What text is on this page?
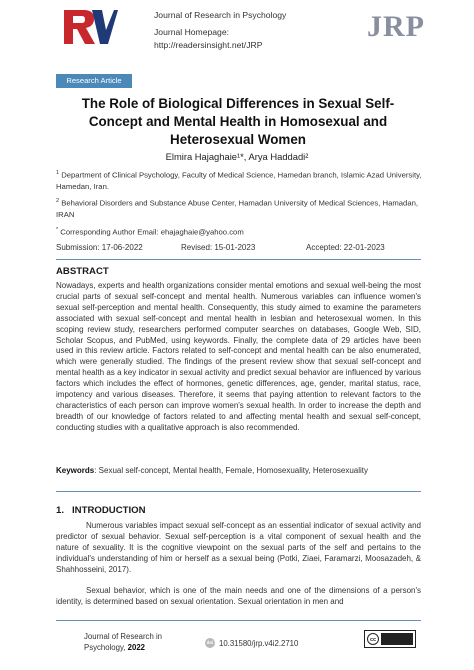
Journal of Research in Psychology
Journal Homepage:
http://readersinsight.net/JRP
JRP
Research Article
The Role of Biological Differences in Sexual Self-Concept and Mental Health in Homosexual and Heterosexual Women
Elmira Hajaghaie¹*, Arya Haddadi²
$^1$ Department of Clinical Psychology, Faculty of Medical Science, Hamedan branch, Islamic Azad University, Hamedan, Iran.
$^2$ Behavioral Disorders and Substance Abuse Center, Hamadan University of Medical Sciences, Hamadan, IRAN
* Corresponding Author Email: ehajaghaie@yahoo.com
Submission: 17-06-2022	Revised: 15-01-2023	Accepted: 22-01-2023
ABSTRACT
Nowadays, experts and health organizations consider mental emotions and sexual well-being the most crucial parts of sexual self-concept and mental health. Numerous variables can influence women's sexual self-perception and mental health. Consequently, this study aimed to examine the parameters associated with sexual self-concept and mental health in lesbian and heterosexual women. In this scoping review study, researchers performed computer searches on databases, Google Web, SID, Scholar Scopus, and PubMed, using keywords. Finally, the complete data of 29 articles have been used in this review article. Factors related to self-concept and mental health can be also enumerated, which were generally studied. The findings of the present review show that sexual self-concept and mental health as a key indicator in sexual activity and predict sexual behavior are influenced by various factors which includes the effect of hormones, genetic differences, age, gender, marital status, race, impotency and various diseases. Therefore, it seems that paying attention to relevant factors to the characteristics of each person can improve women's sexual health. In order to increase the depth and breadth of our knowledge of factors related to and affecting mental health and sexual self-concept, conducting studies with a qualitative approach is also recommended.
Keywords: Sexual self-concept, Mental health, Female, Homosexuality, Heterosexuality
1. INTRODUCTION
Numerous variables impact sexual self-concept as an essential indicator of sexual activity and predictor of sexual behavior. Sexual self-perception is a vital component of sexual health and the nature of sexuality. It is the cognitive viewpoint on the sexual parts of the self and pertains to the individual's understanding of him or herself as a sexual being (Potki, Ziaei, Faramarzi, Moosazadeh, & Shahhosseini, 2017).
Sexual behavior, which is one of the main needs and one of the dimensions of a person's identity, is determined based on sexual orientation. Sexual orientation in men and
Journal of Research in
Psychology, 2022
doi 10.31580/jrp.v4i2.2710	cc
